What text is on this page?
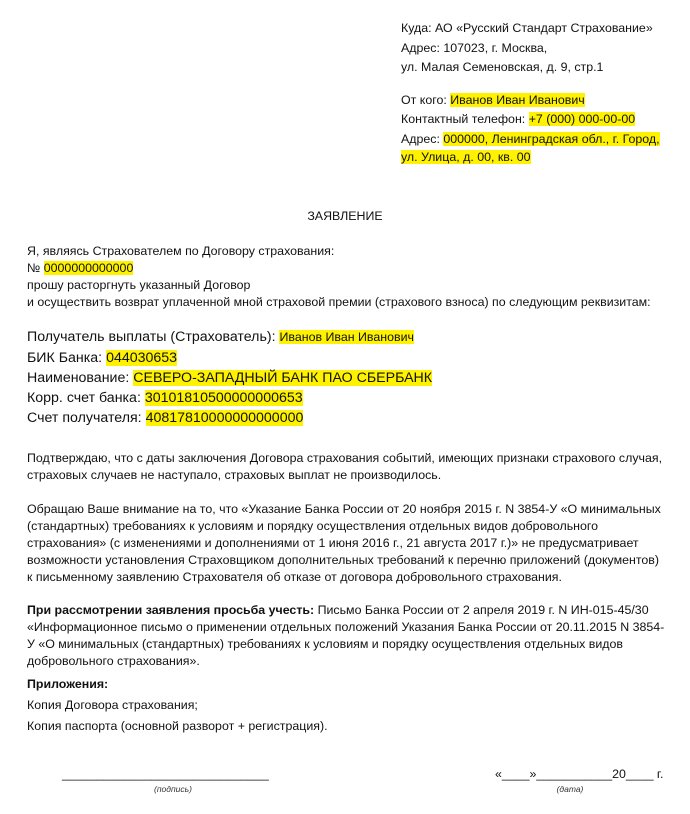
Куда: АО «Русский Стандарт Страхование»
Адрес: 107023, г. Москва,
ул. Малая Семеновская, д. 9, стр.1
От кого: Иванов Иван Иванович
Контактный телефон: +7 (000) 000-00-00
Адрес: 000000, Ленинградская обл., г. Город,
ул. Улица, д. 00, кв. 00
ЗАЯВЛЕНИЕ
Я, являясь Страхователем по Договору страхования:
№ 0000000000000
прошу расторгнуть указанный Договор
и осуществить возврат уплаченной мной страховой премии (страхового взноса) по следующим реквизитам:
Получатель выплаты (Страхователь): Иванов Иван Иванович
БИК Банка: 044030653
Наименование: СЕВЕРО-ЗАПАДНЫЙ БАНК ПАО СБЕРБАНК
Корр. счет банка: 30101810500000000653
Счет получателя: 40817810000000000000
Подтверждаю, что с даты заключения Договора страхования событий, имеющих признаки страхового случая,
страховых случаев не наступало, страховых выплат не производилось.
Обращаю Ваше внимание на то, что «Указание Банка России от 20 ноября 2015 г. N 3854-У «О минимальных
(стандартных) требованиях к условиям и порядку осуществления отдельных видов добровольного
страхования» (с изменениями и дополнениями от 1 июня 2016 г., 21 августа 2017 г.)» не предусматривает
возможности установления Страховщиком дополнительных требований к перечню приложений (документов)
к письменному заявлению Страхователя об отказе от договора добровольного страхования.
При рассмотрении заявления просьба учесть: Письмо Банка России от 2 апреля 2019 г. N ИН-015-45/30
«Информационное письмо о применении отдельных положений Указания Банка России от 20.11.2015 N 3854-
У «О минимальных (стандартных) требованиях к условиям и порядку осуществления отдельных видов
добровольного страхования».
Приложения:
Копия Договора страхования;
Копия паспорта (основной разворот + регистрация).
______________________________
(подпись)
«____»___________20____ г.
(дата)
